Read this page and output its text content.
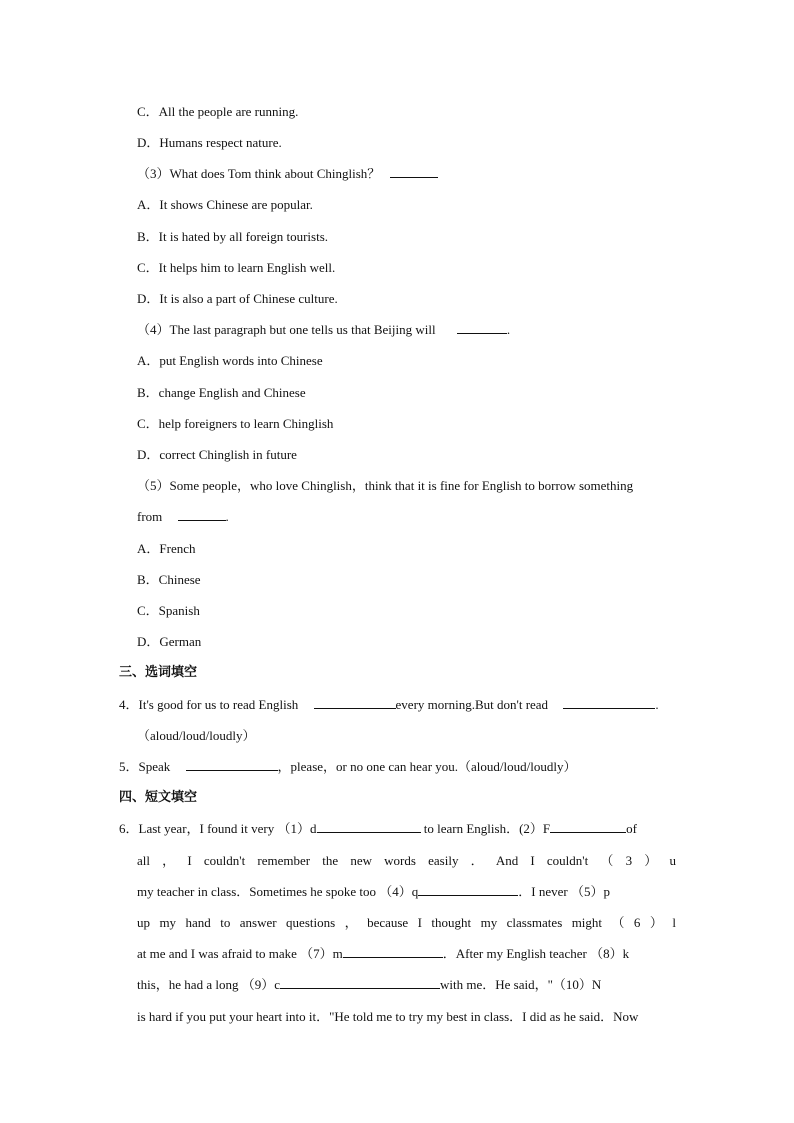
C．All the people are running.
D．Humans respect nature.
（3）What does Tom think about Chinglish？
A．It shows Chinese are popular.
B．It is hated by all foreign tourists.
C．It helps him to learn English well.
D．It is also a part of Chinese culture.
（4）The last paragraph but one tells us that Beijing will	.
A．put English words into Chinese
B．change English and Chinese
C．help foreigners to learn Chinglish
D．correct Chinglish in future
（5）Some people，who love Chinglish，think that it is fine for English to borrow something
from	.
A．French
B．Chinese
C．Spanish
D．German
三、选词填空
4．It's good for us to read English	every morning.But don't read	.
（aloud/loud/loudly）
5．Speak	，please，or no one can hear you.（aloud/loud/loudly）
四、短文填空
6．Last year，I found it very （1）d	to learn English．(2）F	of
all ， I couldn't remember the new words easily ． And I couldn't （ 3 ） u
my teacher in class．Sometimes he spoke too （4）q	．I never （5）p
up my hand to answer questions ， because I thought my classmates might （ 6 ） l
at me and I was afraid to make （7）m	．After my English teacher （8）k
this，he had a long （9）c	with me．He said，"（10）N
is hard if you put your heart into it．"He told me to try my best in class．I did as he said．Now
